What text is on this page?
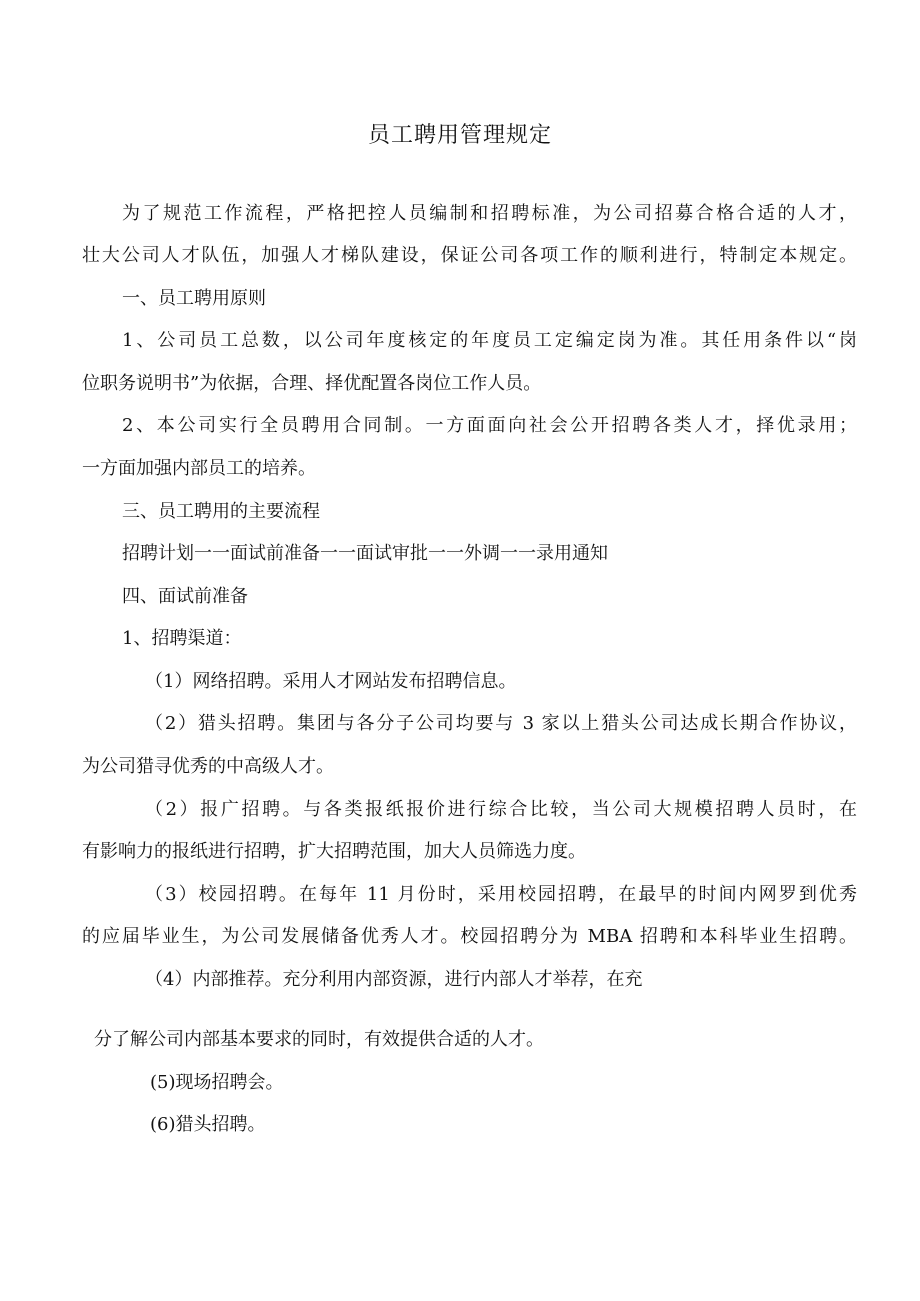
员工聘用管理规定
为了规范工作流程，严格把控人员编制和招聘标准，为公司招募合格合适的人才，
壮大公司人才队伍，加强人才梯队建设，保证公司各项工作的顺利进行，特制定本规定。
一、员工聘用原则
1、公司员工总数，以公司年度核定的年度员工定编定岗为准。其任用条件以“岗
位职务说明书”为依据，合理、择优配置各岗位工作人员。
2、本公司实行全员聘用合同制。一方面面向社会公开招聘各类人才，择优录用；
一方面加强内部员工的培养。
三、员工聘用的主要流程
招聘计划一一面试前准备一一面试审批一一外调一一录用通知
四、面试前准备
1、招聘渠道：
（1）网络招聘。采用人才网站发布招聘信息。
（2）猎头招聘。集团与各分子公司均要与 3 家以上猎头公司达成长期合作协议，
为公司猎寻优秀的中高级人才。
（2）报广招聘。与各类报纸报价进行综合比较，当公司大规模招聘人员时，在
有影响力的报纸进行招聘，扩大招聘范围，加大人员筛选力度。
（3）校园招聘。在每年 11 月份时，采用校园招聘，在最早的时间内网罗到优秀
的应届毕业生，为公司发展储备优秀人才。校园招聘分为 MBA 招聘和本科毕业生招聘。
（4）内部推荐。充分利用内部资源，进行内部人才举荐，在充
分了解公司内部基本要求的同时，有效提供合适的人才。
(5)现场招聘会。
(6)猎头招聘。
